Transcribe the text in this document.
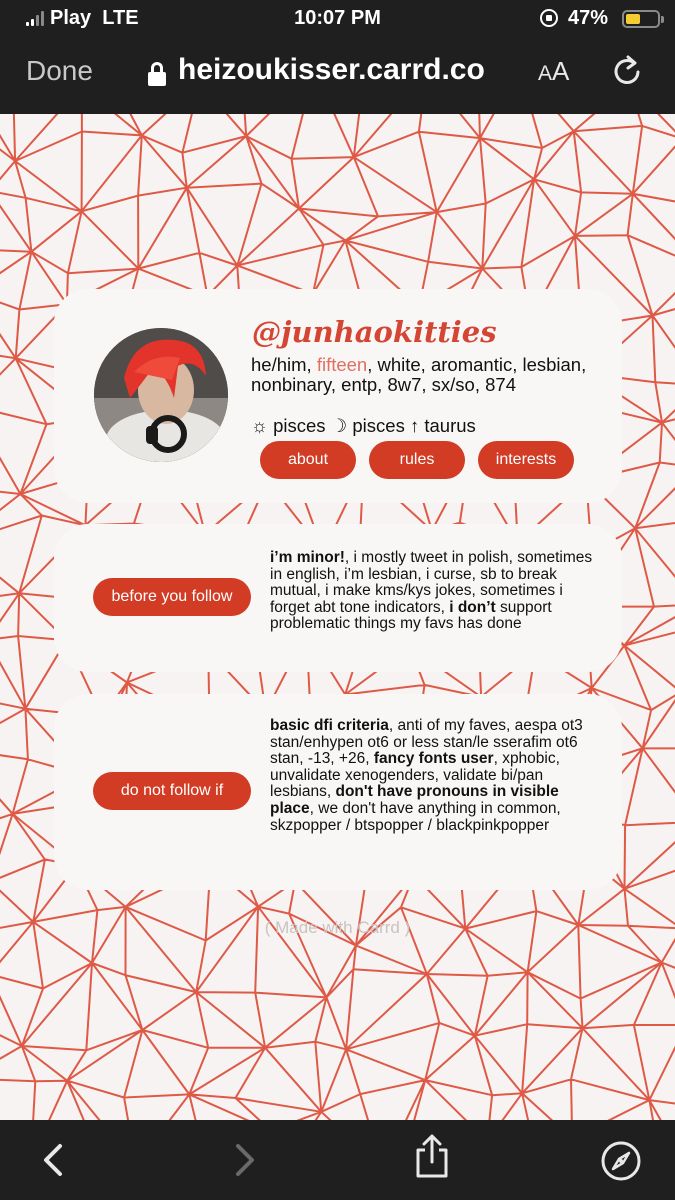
Play LTE	10:07 PM	47%
Done	heizoukisser.carrd.co	AA
@junhaokitties
he/him, fifteen, white, aromantic, lesbian, nonbinary, entp, 8w7, sx/so, 874
☼ pisces ☽ pisces ↑ taurus
about	rules	interests
before you follow
i’m minor!, i mostly tweet in polish, sometimes in english, i’m lesbian, i curse, sb to break mutual, i make kms/kys jokes, sometimes i forget abt tone indicators, i don’t support problematic things my favs has done
do not follow if
basic dfi criteria, anti of my faves, aespa ot3 stan/enhypen ot6 or less stan/le sserafim ot6 stan, -13, +26, fancy fonts user, xphobic, unvalidate xenogenders, validate bi/pan lesbians, don't have pronouns in visible place, we don't have anything in common, skzpopper / btspopper / blackpinkpopper
( Made with Carrd )
